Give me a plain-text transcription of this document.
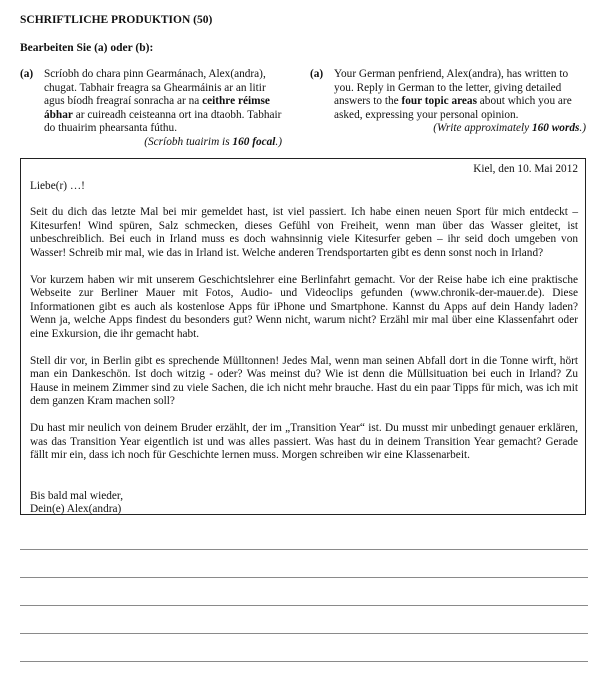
SCHRIFTLICHE PRODUKTION (50)
Bearbeiten Sie (a) oder (b):
(a) Scríobh do chara pinn Gearmánach, Alex(andra), chugat. Tabhair freagra sa Ghearmáinis ar an litir agus bíodh freagraí sonracha ar na ceithre réimse ábhar ar cuireadh ceisteanna ort ina dtaobh. Tabhair do thuairim phearsanta fúthu.
(Scríobh tuairim is 160 focal.)
(a) Your German penfriend, Alex(andra), has written to you. Reply in German to the letter, giving detailed answers to the four topic areas about which you are asked, expressing your personal opinion.
(Write approximately 160 words.)

Kiel, den 10. Mai 2012

Liebe(r) …!

Seit du dich das letzte Mal bei mir gemeldet hast, ist viel passiert. Ich habe einen neuen Sport für mich entdeckt – Kitesurfen! Wind spüren, Salz schmecken, dieses Gefühl von Freiheit, wenn man über das Wasser gleitet, ist unbeschreiblich. Bei euch in Irland muss es doch wahnsinnig viele Kitesurfer geben – ihr seid doch umgeben von Wasser! Schreib mir mal, wie das in Irland ist. Welche anderen Trendsportarten gibt es denn sonst noch in Irland?

Vor kurzem haben wir mit unserem Geschichtslehrer eine Berlinfahrt gemacht. Vor der Reise habe ich eine praktische Webseite zur Berliner Mauer mit Fotos, Audio- und Videoclips gefunden (www.chronik-der-mauer.de). Diese Informationen gibt es auch als kostenlose Apps für iPhone und Smartphone. Kannst du Apps auf dein Handy laden? Wenn ja, welche Apps findest du besonders gut? Wenn nicht, warum nicht? Erzähl mir mal über eine Klassenfahrt oder eine Exkursion, die ihr gemacht habt.

Stell dir vor, in Berlin gibt es sprechende Mülltonnen! Jedes Mal, wenn man seinen Abfall dort in die Tonne wirft, hört man ein Dankeschön. Ist doch witzig - oder? Was meinst du? Wie ist denn die Müllsituation bei euch in Irland? Zu Hause in meinem Zimmer sind zu viele Sachen, die ich nicht mehr brauche. Hast du ein paar Tipps für mich, was ich mit dem ganzen Kram machen soll?

Du hast mir neulich von deinem Bruder erzählt, der im „Transition Year“ ist. Du musst mir unbedingt genauer erklären, was das Transition Year eigentlich ist und was alles passiert. Was hast du in deinem Transition Year gemacht? Gerade fällt mir ein, dass ich noch für Geschichte lernen muss. Morgen schreiben wir eine Klassenarbeit.

Bis bald mal wieder,

Dein(e) Alex(andra)
